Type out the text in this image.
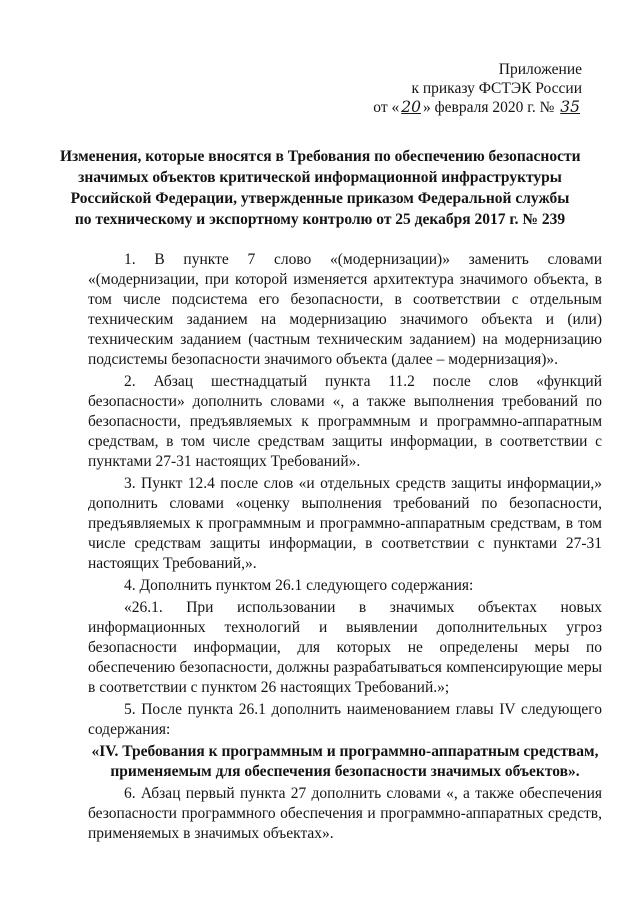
Приложение
к приказу ФСТЭК России
от « 20 » февраля 2020 г. № 35
Изменения, которые вносятся в Требования по обеспечению безопасности
значимых объектов критической информационной инфраструктуры
Российской Федерации, утвержденные приказом Федеральной службы
по техническому и экспортному контролю от 25 декабря 2017 г. № 239

1. В пункте 7 слово «(модернизации)» заменить словами «(модернизации, при которой изменяется архитектура значимого объекта, в том числе подсистема его безопасности, в соответствии с отдельным техническим заданием на модернизацию значимого объекта и (или) техническим заданием (частным техническим заданием) на модернизацию подсистемы безопасности значимого объекта (далее – модернизация)».

2. Абзац шестнадцатый пункта 11.2 после слов «функций безопасности» дополнить словами «, а также выполнения требований по безопасности, предъявляемых к программным и программно-аппаратным средствам, в том числе средствам защиты информации, в соответствии с пунктами 27-31 настоящих Требований».

3. Пункт 12.4 после слов «и отдельных средств защиты информации,» дополнить словами «оценку выполнения требований по безопасности, предъявляемых к программным и программно-аппаратным средствам, в том числе средствам защиты информации, в соответствии с пунктами 27-31 настоящих Требований,».

4. Дополнить пунктом 26.1 следующего содержания:

«26.1. При использовании в значимых объектах новых информационных технологий и выявлении дополнительных угроз безопасности информации, для которых не определены меры по обеспечению безопасности, должны разрабатываться компенсирующие меры в соответствии с пунктом 26 настоящих Требований.»;

5. После пункта 26.1 дополнить наименованием главы IV следующего содержания:

«IV. Требования к программным и программно-аппаратным средствам, применяемым для обеспечения безопасности значимых объектов».

6. Абзац первый пункта 27 дополнить словами «, а также обеспечения безопасности программного обеспечения и программно-аппаратных средств, применяемых в значимых объектах».
